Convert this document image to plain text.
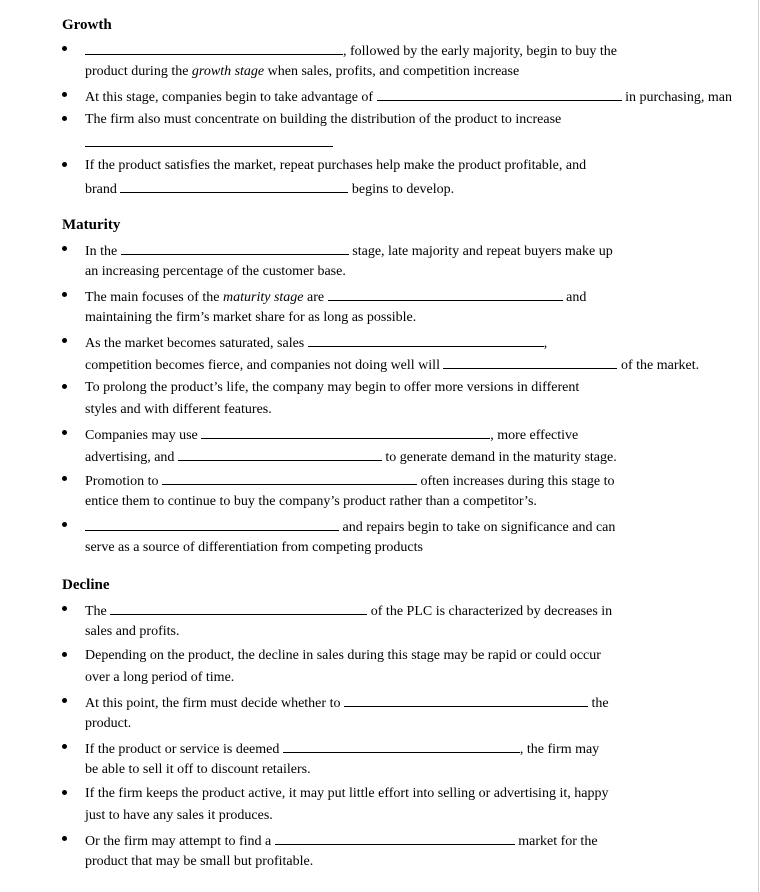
Growth
, followed by the early majority, begin to buy the
product during the growth stage when sales, profits, and competition increase
At this stage, companies begin to take advantage of	in purchasing, man
The firm also must concentrate on building the distribution of the product to increase
If the product satisfies the market, repeat purchases help make the product profitable, and
brand	begins to develop.
Maturity
In the	stage, late majority and repeat buyers make up
an increasing percentage of the customer base.
The main focuses of the maturity stage are	and
maintaining the firm’s market share for as long as possible.
As the market becomes saturated, sales	,
competition becomes fierce, and companies not doing well will	of the market.
To prolong the product’s life, the company may begin to offer more versions in different
styles and with different features.
Companies may use	, more effective
advertising, and	to generate demand in the maturity stage.
Promotion to	often increases during this stage to
entice them to continue to buy the company’s product rather than a competitor’s.
and repairs begin to take on significance and can
serve as a source of differentiation from competing products
Decline
The	of the PLC is characterized by decreases in
sales and profits.
Depending on the product, the decline in sales during this stage may be rapid or could occur
over a long period of time.
At this point, the firm must decide whether to	the
product.
If the product or service is deemed	, the firm may
be able to sell it off to discount retailers.
If the firm keeps the product active, it may put little effort into selling or advertising it, happy
just to have any sales it produces.
Or the firm may attempt to find a	market for the
product that may be small but profitable.
